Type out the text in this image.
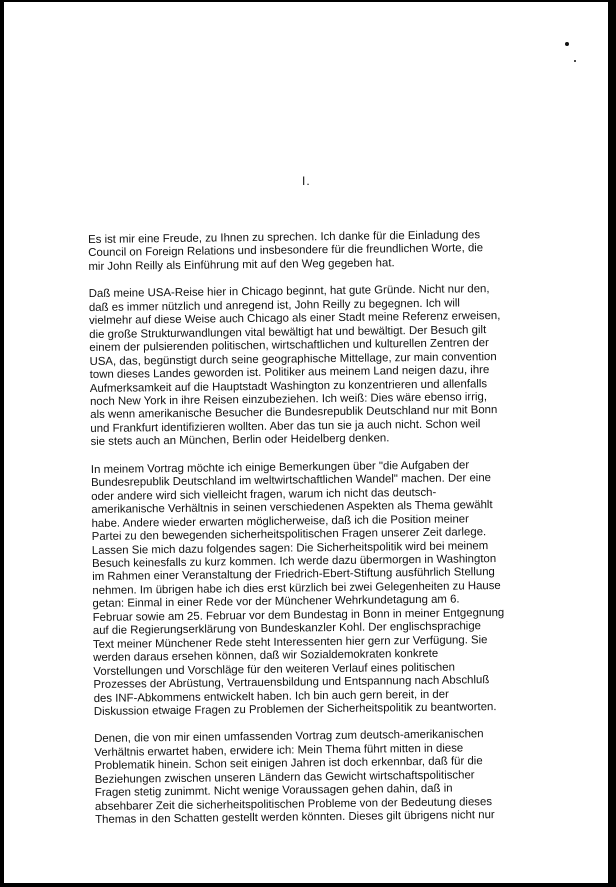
I.
Es ist mir eine Freude, zu Ihnen zu sprechen. Ich danke für die Einladung des
Council on Foreign Relations und insbesondere für die freundlichen Worte, die
mir John Reilly als Einführung mit auf den Weg gegeben hat.
Daß meine USA-Reise hier in Chicago beginnt, hat gute Gründe. Nicht nur den,
daß es immer nützlich und anregend ist, John Reilly zu begegnen. Ich will
vielmehr auf diese Weise auch Chicago als einer Stadt meine Referenz erweisen,
die große Strukturwandlungen vital bewältigt hat und bewältigt. Der Besuch gilt
einem der pulsierenden politischen, wirtschaftlichen und kulturellen Zentren der
USA, das, begünstigt durch seine geographische Mittellage, zur main convention
town dieses Landes geworden ist. Politiker aus meinem Land neigen dazu, ihre
Aufmerksamkeit auf die Hauptstadt Washington zu konzentrieren und allenfalls
noch New York in ihre Reisen einzubeziehen. Ich weiß: Dies wäre ebenso irrig,
als wenn amerikanische Besucher die Bundesrepublik Deutschland nur mit Bonn
und Frankfurt identifizieren wollten. Aber das tun sie ja auch nicht. Schon weil
sie stets auch an München, Berlin oder Heidelberg denken.
In meinem Vortrag möchte ich einige Bemerkungen über "die Aufgaben der
Bundesrepublik Deutschland im weltwirtschaftlichen Wandel" machen. Der eine
oder andere wird sich vielleicht fragen, warum ich nicht das deutsch-
amerikanische Verhältnis in seinen verschiedenen Aspekten als Thema gewählt
habe. Andere wieder erwarten möglicherweise, daß ich die Position meiner
Partei zu den bewegenden sicherheitspolitischen Fragen unserer Zeit darlege.
Lassen Sie mich dazu folgendes sagen: Die Sicherheitspolitik wird bei meinem
Besuch keinesfalls zu kurz kommen. Ich werde dazu übermorgen in Washington
im Rahmen einer Veranstaltung der Friedrich-Ebert-Stiftung ausführlich Stellung
nehmen. Im übrigen habe ich dies erst kürzlich bei zwei Gelegenheiten zu Hause
getan: Einmal in einer Rede vor der Münchener Wehrkundetagung am 6.
Februar sowie am 25. Februar vor dem Bundestag in Bonn in meiner Entgegnung
auf die Regierungserklärung von Bundeskanzler Kohl. Der englischsprachige
Text meiner Münchener Rede steht Interessenten hier gern zur Verfügung. Sie
werden daraus ersehen können, daß wir Sozialdemokraten konkrete
Vorstellungen und Vorschläge für den weiteren Verlauf eines politischen
Prozesses der Abrüstung, Vertrauensbildung und Entspannung nach Abschluß
des INF-Abkommens entwickelt haben. Ich bin auch gern bereit, in der
Diskussion etwaige Fragen zu Problemen der Sicherheitspolitik zu beantworten.
Denen, die von mir einen umfassenden Vortrag zum deutsch-amerikanischen
Verhältnis erwartet haben, erwidere ich: Mein Thema führt mitten in diese
Problematik hinein. Schon seit einigen Jahren ist doch erkennbar, daß für die
Beziehungen zwischen unseren Ländern das Gewicht wirtschaftspolitischer
Fragen stetig zunimmt. Nicht wenige Voraussagen gehen dahin, daß in
absehbarer Zeit die sicherheitspolitischen Probleme von der Bedeutung dieses
Themas in den Schatten gestellt werden könnten. Dieses gilt übrigens nicht nur
